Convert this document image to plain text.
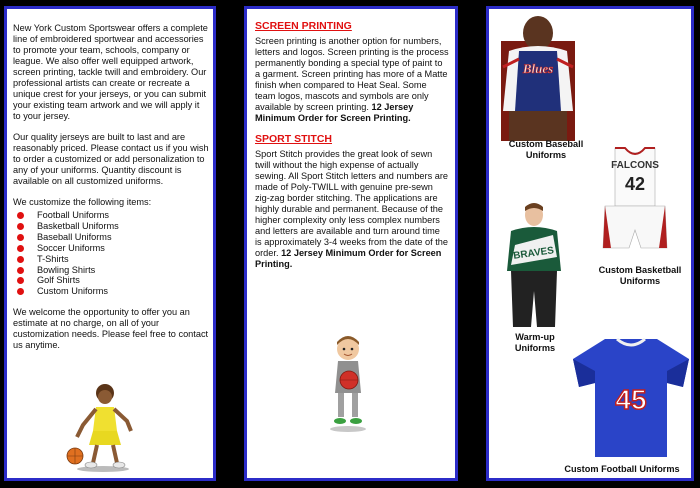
New York Custom Sportswear offers a complete line of embroidered sportwear and accessories to promote your team, schools, company or league. We also offer well equipped artwork, screen printing, tackle twill and embroidery. Our professional artists can create or recreate a unique crest for your jerseys, or you can submit your existing team artwork and we will apply it to your jersey.

Our quality jerseys are built to last and are reasonably priced. Please contact us if you wish to order a customized or add personalization to any of your uniforms. Quantity discount is available on all customized uniforms.

We customize the following items:
Football Uniforms
Basketball Uniforms
Baseball Uniforms
Soccer Uniforms
T-Shirts
Bowling Shirts
Golf Shirts
Custom Uniforms

We welcome the opportunity to offer you an estimate at no charge, on all of your customization needs. Please feel free to contact us anytime.

SCREEN PRINTING

Screen printing is another option for numbers, letters and logos. Screen printing is the process permanently bonding a special type of paint to a garment. Screen printing has more of a Matte finish when compared to Heat Seal. Some team logos, mascots and symbols are only available by screen printing. 12 Jersey Minimum Order for Screen Printing.

SPORT STITCH

Sport Stitch provides the great look of sewn twill without the high expense of actually sewing. All Sport Stitch letters and numbers are made of Poly-TWILL with genuine pre-sewn zig-zag border stitching. The applications are highly durable and permanent. Because of the higher complexity only less complex numbers and letters are available and turn around time is approximately 3-4 weeks from the date of the order. 12 Jersey Minimum Order for Screen Printing.

Blues
Custom Baseball Uniforms
FALCONS
42
Custom Basketball Uniforms
BRAVES
Warm-up Uniforms
45
Custom Football Uniforms
